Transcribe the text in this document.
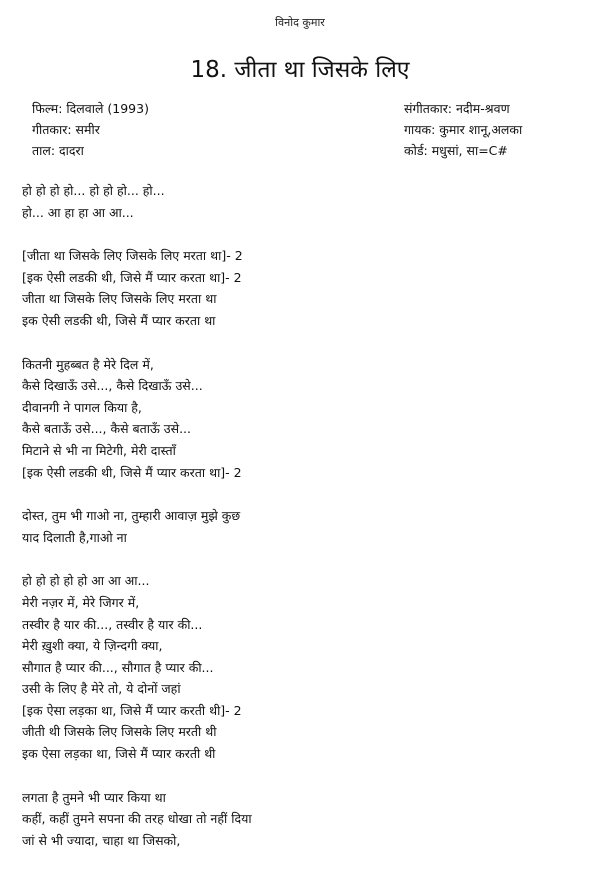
विनोद कुमार
18. जीता था जिसके लिए
फिल्म: दिलवाले (1993)
गीतकार: समीर
ताल: दादरा
संगीतकार: नदीम-श्रवण
गायक: कुमार शानू,अलका
कोर्ड: मधुसां, सा=C#
हो हो हो हो... हो हो हो... हो...
हो... आ हा हा आ आ...
[जीता था जिसके लिए जिसके लिए मरता था]- 2
[इक ऐसी लडकी थी, जिसे मैं प्यार करता था]- 2
जीता था जिसके लिए जिसके लिए मरता था
इक ऐसी लडकी थी, जिसे मैं प्यार करता था
कितनी मुहब्बत है मेरे दिल में,
कैसे दिखाऊँ उसे..., कैसे दिखाऊँ उसे...
दीवानगी ने पागल किया है,
कैसे बताऊँ उसे..., कैसे बताऊँ उसे...
मिटाने से भी ना मिटेगी, मेरी दास्ताँ
[इक ऐसी लडकी थी, जिसे मैं प्यार करता था]- 2
दोस्त, तुम भी गाओ ना, तुम्हारी आवाज़ मुझे कुछ
याद दिलाती है,गाओ ना
हो हो हो हो हो आ आ आ...
मेरी नज़र में, मेरे जिगर में,
तस्वीर है यार की..., तस्वीर है यार की...
मेरी ख़ुशी क्या, ये ज़िन्दगी क्या,
सौगात है प्यार की..., सौगात है प्यार की...
उसी के लिए है मेरे तो, ये दोनों जहां
[इक ऐसा लड़का था, जिसे मैं प्यार करती थी]- 2
जीती थी जिसके लिए जिसके लिए मरती थी
इक ऐसा लड़का था, जिसे मैं प्यार करती थी
लगता है तुमने भी प्यार किया था
कहीं, कहीं तुमने सपना की तरह धोखा तो नहीं दिया
जां से भी ज्यादा, चाहा था जिसको,
